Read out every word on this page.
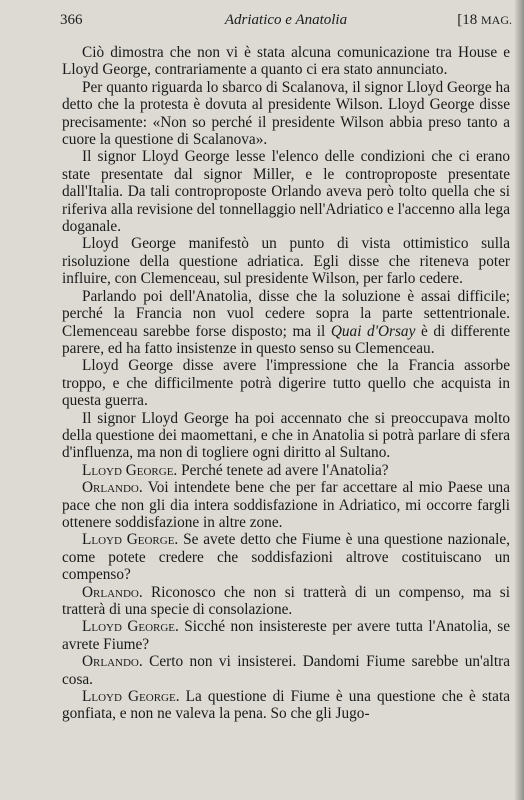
366	Adriatico e Anatolia	[18 MAG.

Ciò dimostra che non vi è stata alcuna comunicazione tra House e Lloyd George, contrariamente a quanto ci era stato annunciato.

Per quanto riguarda lo sbarco di Scalanova, il signor Lloyd George ha detto che la protesta è dovuta al presidente Wilson. Lloyd George disse precisamente: «Non so perché il presidente Wilson abbia preso tanto a cuore la questione di Scalanova».

Il signor Lloyd George lesse l'elenco delle condizioni che ci erano state presentate dal signor Miller, e le controproposte presentate dall'Italia. Da tali controproposte Orlando aveva però tolto quella che si riferiva alla revisione del tonnellaggio nell'Adriatico e l'accenno alla lega doganale.

Lloyd George manifestò un punto di vista ottimistico sulla risoluzione della questione adriatica. Egli disse che riteneva poter influire, con Clemenceau, sul presidente Wilson, per farlo cedere.

Parlando poi dell'Anatolia, disse che la soluzione è assai difficile; perché la Francia non vuol cedere sopra la parte settentrionale. Clemenceau sarebbe forse disposto; ma il Quai d'Orsay è di differente parere, ed ha fatto insistenze in questo senso su Clemenceau.

Lloyd George disse avere l'impressione che la Francia assorbe troppo, e che difficilmente potrà digerire tutto quello che acquista in questa guerra.

Il signor Lloyd George ha poi accennato che si preoccupava molto della questione dei maomettani, e che in Anatolia si potrà parlare di sfera d'influenza, ma non di togliere ogni diritto al Sultano.

Lloyd George. Perché tenete ad avere l'Anatolia?

Orlando. Voi intendete bene che per far accettare al mio Paese una pace che non gli dia intera soddisfazione in Adriatico, mi occorre fargli ottenere soddisfazione in altre zone.

Lloyd George. Se avete detto che Fiume è una questione nazionale, come potete credere che soddisfazioni altrove costituiscano un compenso?

Orlando. Riconosco che non si tratterà di un compenso, ma si tratterà di una specie di consolazione.

Lloyd George. Sicché non insistereste per avere tutta l'Anatolia, se avrete Fiume?

Orlando. Certo non vi insisterei. Dandomi Fiume sarebbe un'altra cosa.

Lloyd George. La questione di Fiume è una questione che è stata gonfiata, e non ne valeva la pena. So che gli Jugo-
